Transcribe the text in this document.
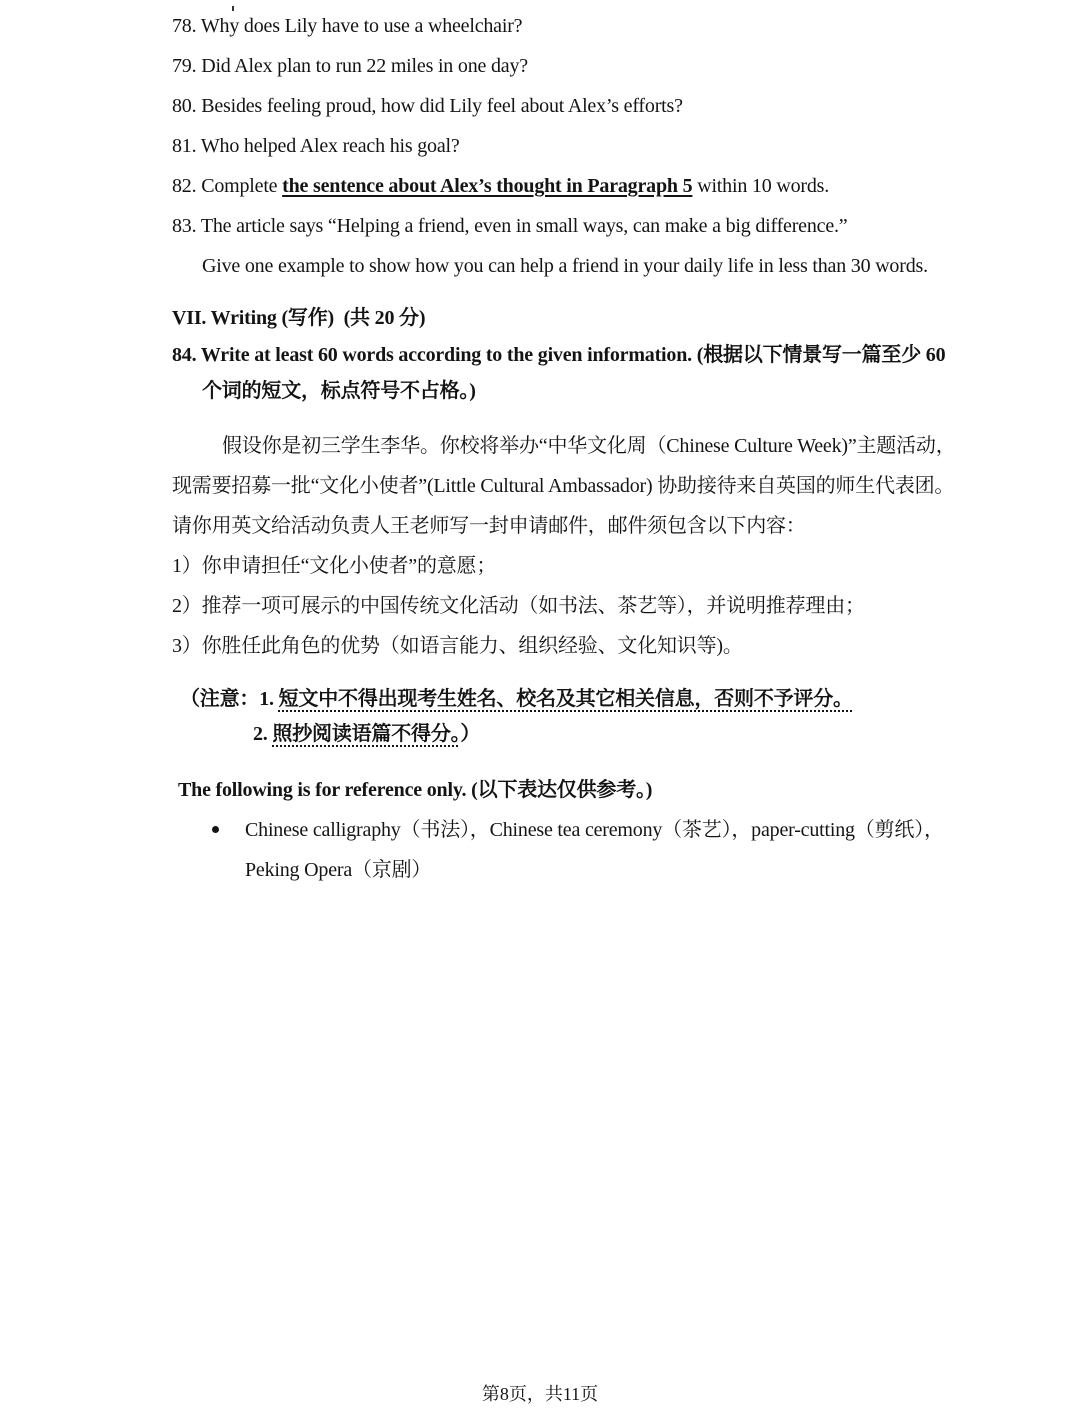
78. Why does Lily have to use a wheelchair?
79. Did Alex plan to run 22 miles in one day?
80. Besides feeling proud, how did Lily feel about Alex’s efforts?
81. Who helped Alex reach his goal?
82. Complete the sentence about Alex’s thought in Paragraph 5 within 10 words.
83. The article says “Helping a friend, even in small ways, can make a big difference.”
Give one example to show how you can help a friend in your daily life in less than 30 words.
VII. Writing (写作) (共 20 分)
84. Write at least 60 words according to the given information. (根据以下情景写一篇至少 60
个词的短文，标点符号不占格。)
假设你是初三学生李华。你校将举办“中华文化周（Chinese Culture Week)”主题活动，
现需要招募一批“文化小使者”(Little Cultural Ambassador) 协助接待来自英国的师生代表团。
请你用英文给活动负责人王老师写一封申请邮件，邮件须包含以下内容：
1）你申请担任“文化小使者”的意愿；
2）推荐一项可展示的中国传统文化活动（如书法、茶艺等），并说明推荐理由；
3）你胜任此角色的优势（如语言能力、组织经验、文化知识等)。
（注意：1. 短文中不得出现考生姓名、校名及其它相关信息，否则不予评分。
2. 照抄阅读语篇不得分。）
The following is for reference only. (以下表达仅供参考。)
Chinese calligraphy（书法），Chinese tea ceremony（茶艺），paper-cutting（剪纸），
Peking Opera（京剧）
第8页，共11页
